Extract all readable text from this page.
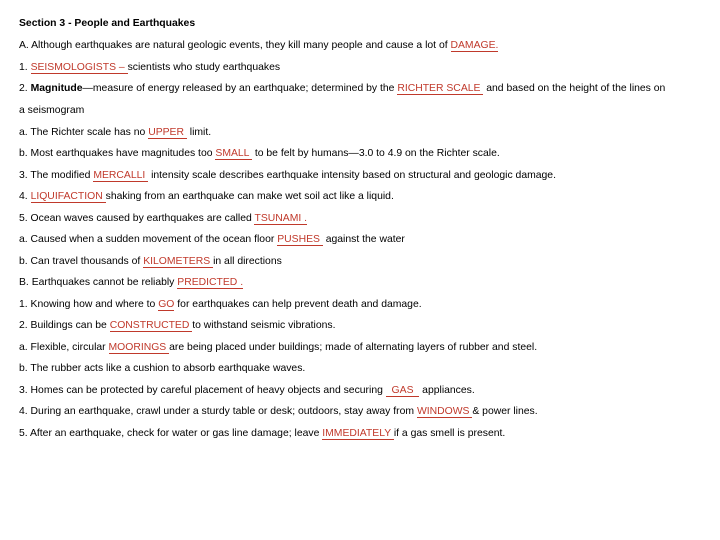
Section 3 - People and Earthquakes

A. Although earthquakes are natural geologic events, they kill many people and cause a lot of DAMAGE.

1. SEISMOLOGISTS – scientists who study earthquakes

2. Magnitude—measure of energy released by an earthquake; determined by the RICHTER SCALE  and based on the height of the lines on

a seismogram

a. The Richter scale has no UPPER  limit.

b. Most earthquakes have magnitudes too SMALL  to be felt by humans—3.0 to 4.9 on the Richter scale.

3. The modified MERCALLI  intensity scale describes earthquake intensity based on structural and geologic damage.

4. LIQUIFACTION shaking from an earthquake can make wet soil act like a liquid.

5. Ocean waves caused by earthquakes are called TSUNAMI .

a. Caused when a sudden movement of the ocean floor PUSHES  against the water

b. Can travel thousands of KILOMETERS in all directions

B. Earthquakes cannot be reliably PREDICTED .

1. Knowing how and where to GO for earthquakes can help prevent death and damage.

2. Buildings can be CONSTRUCTED to withstand seismic vibrations.

a. Flexible, circular MOORINGS are being placed under buildings; made of alternating layers of rubber and steel.

b. The rubber acts like a cushion to absorb earthquake waves.

3. Homes can be protected by careful placement of heavy objects and securing   GAS   appliances.

4. During an earthquake, crawl under a sturdy table or desk; outdoors, stay away from WINDOWS & power lines.

5. After an earthquake, check for water or gas line damage; leave IMMEDIATELY if a gas smell is present.
